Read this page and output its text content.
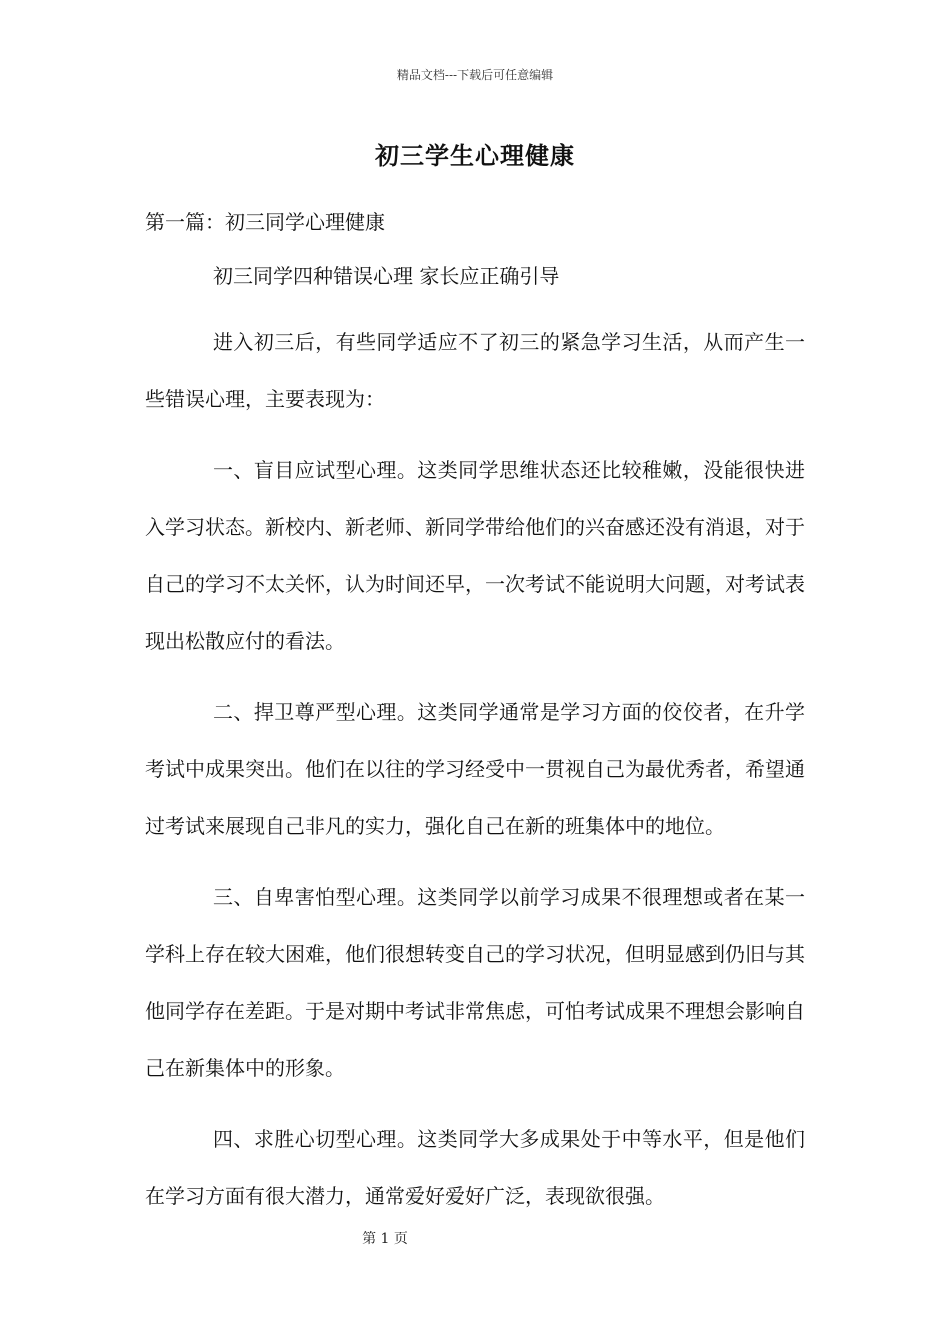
精品文档---下载后可任意编辑
初三学生心理健康

第一篇：初三同学心理健康

初三同学四种错误心理 家长应正确引导

进入初三后，有些同学适应不了初三的紧急学习生活，从而产生一些错误心理，主要表现为：

一、盲目应试型心理。这类同学思维状态还比较稚嫩，没能很快进入学习状态。新校内、新老师、新同学带给他们的兴奋感还没有消退，对于自己的学习不太关怀，认为时间还早，一次考试不能说明大问题，对考试表现出松散应付的看法。

二、捍卫尊严型心理。这类同学通常是学习方面的佼佼者，在升学考试中成果突出。他们在以往的学习经受中一贯视自己为最优秀者，希望通过考试来展现自己非凡的实力，强化自己在新的班集体中的地位。

三、自卑害怕型心理。这类同学以前学习成果不很理想或者在某一学科上存在较大困难，他们很想转变自己的学习状况，但明显感到仍旧与其他同学存在差距。于是对期中考试非常焦虑，可怕考试成果不理想会影响自己在新集体中的形象。

四、求胜心切型心理。这类同学大多成果处于中等水平，但是他们在学习方面有很大潜力，通常爱好爱好广泛，表现欲很强。

第 1 页
